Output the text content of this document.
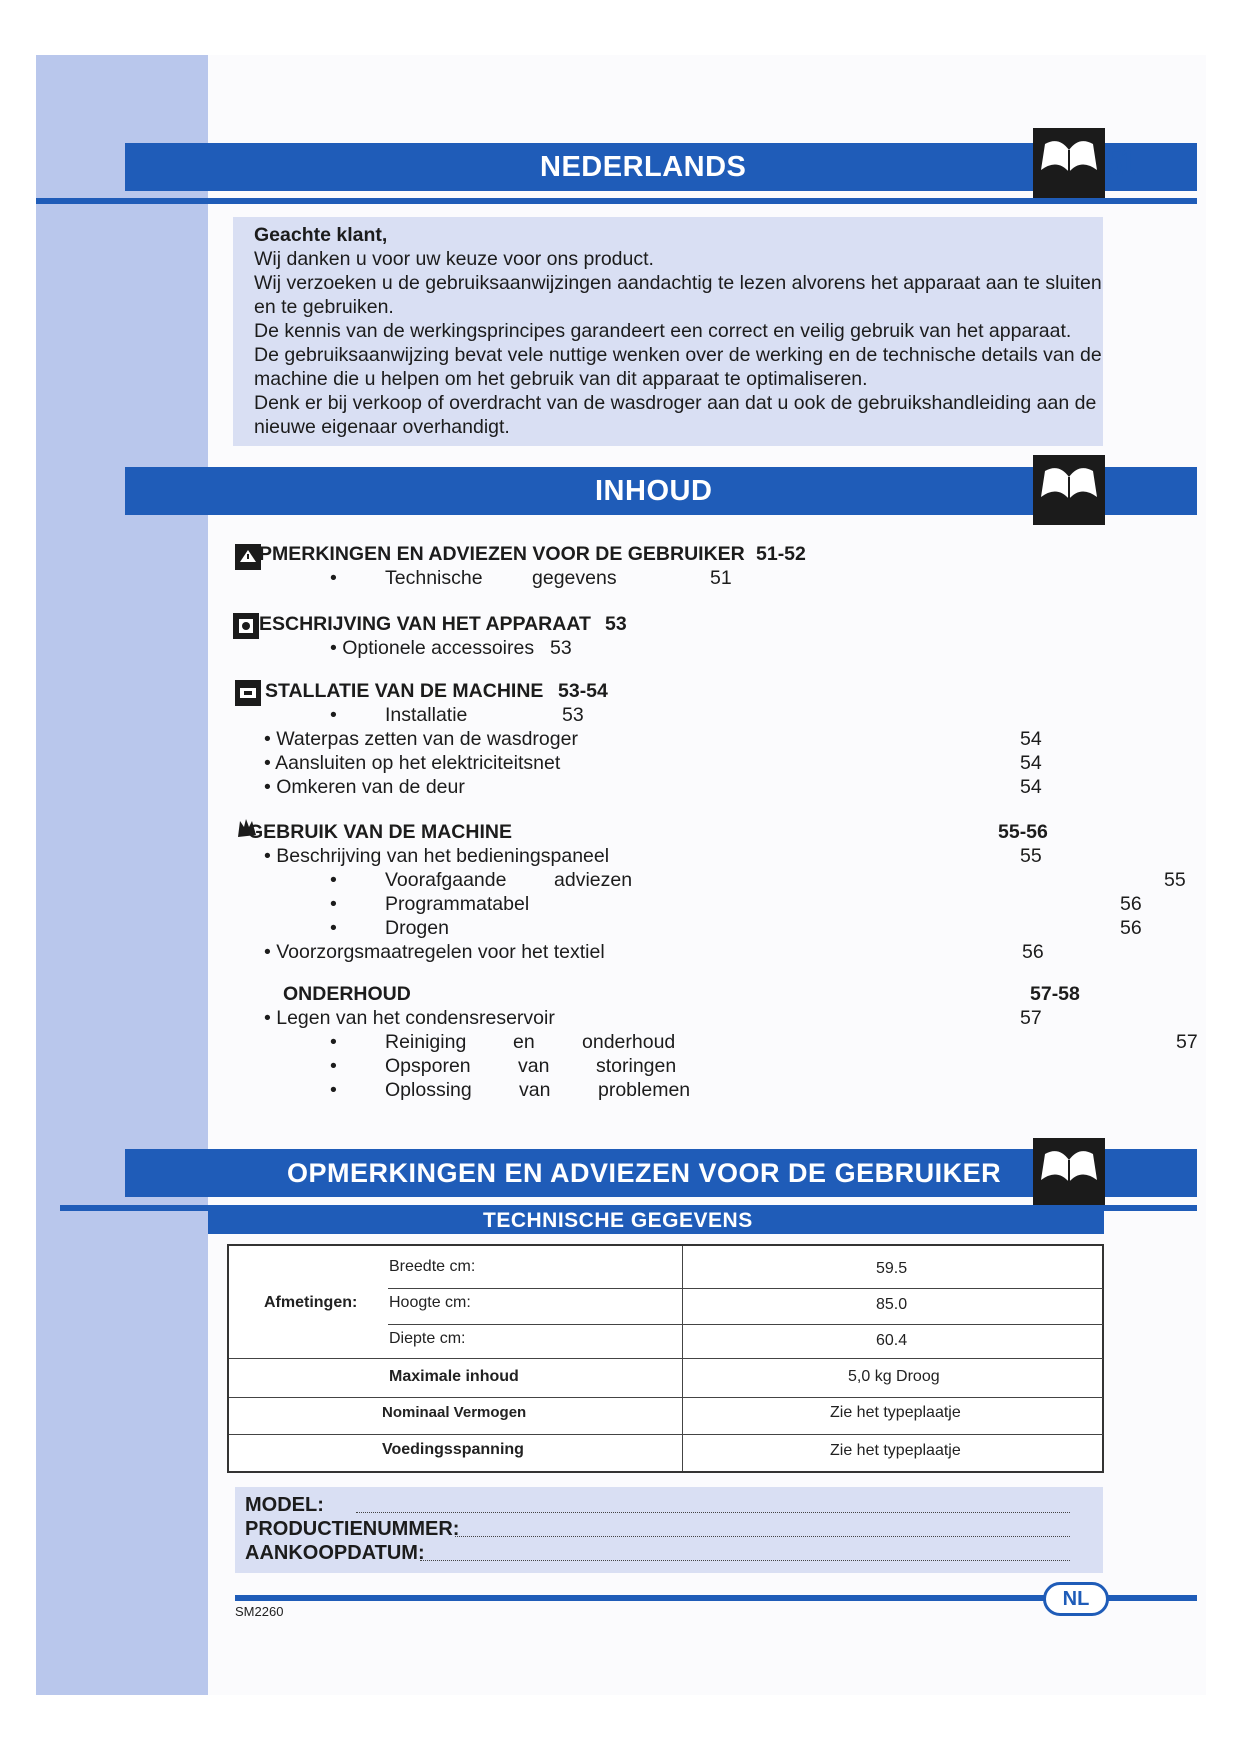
NEDERLANDS	51

Geachte klant,

Wij danken u voor uw keuze voor ons product.

Wij verzoeken u de gebruiksaanwijzingen aandachtig te lezen alvorens het apparaat aan te sluiten

en te gebruiken.

De kennis van de werkingsprincipes garandeert een correct en veilig gebruik van het apparaat.

De gebruiksaanwijzing bevat vele nuttige wenken over de werking en de technische details van de

machine die u helpen om het gebruik van dit apparaat te optimaliseren.

Denk er bij verkoop of overdracht van de wasdroger aan dat u ook de gebruikshandleiding aan de

nieuwe eigenaar overhandigt.

INHOUD
PMERKINGEN EN ADVIEZEN VOOR DE GEBRUIKER 51-52
• Technische	gegevens	51
ESCHRIJVING VAN HET APPARAAT 53
• Optionele accessoires 53
STALLATIE VAN DE MACHINE 53-54
• Installatie	53
• Waterpas zetten van de wasdroger	54
• Aansluiten op het elektriciteitsnet	54
• Omkeren van de deur	54
GEBRUIK VAN DE MACHINE	55-56
• Beschrijving van het bedieningspaneel	55
• Voorafgaande adviezen	55
• Programmatabel	56
• Drogen	56
• Voorzorgsmaatregelen voor het textiel	56
ONDERHOUD	57-58
• Legen van het condensreservoir	57
• Reiniging en onderhoud	57
• Opsporen van storingen
• Oplossing van problemen
OPMERKINGEN EN ADVIEZEN VOOR DE GEBRUIKER
TECHNISCHE GEGEVENS
Afmetingen:
Breedte cm:	59.5
Hoogte cm:	85.0
Diepte cm:	60.4
Maximale inhoud	5,0 kg Droog
Nominaal Vermogen	Zie het typeplaatje
Voedingsspanning	Zie het typeplaatje
MODEL:
PRODUCTIENUMMER:
AANKOOPDATUM:
NL
SM2260
